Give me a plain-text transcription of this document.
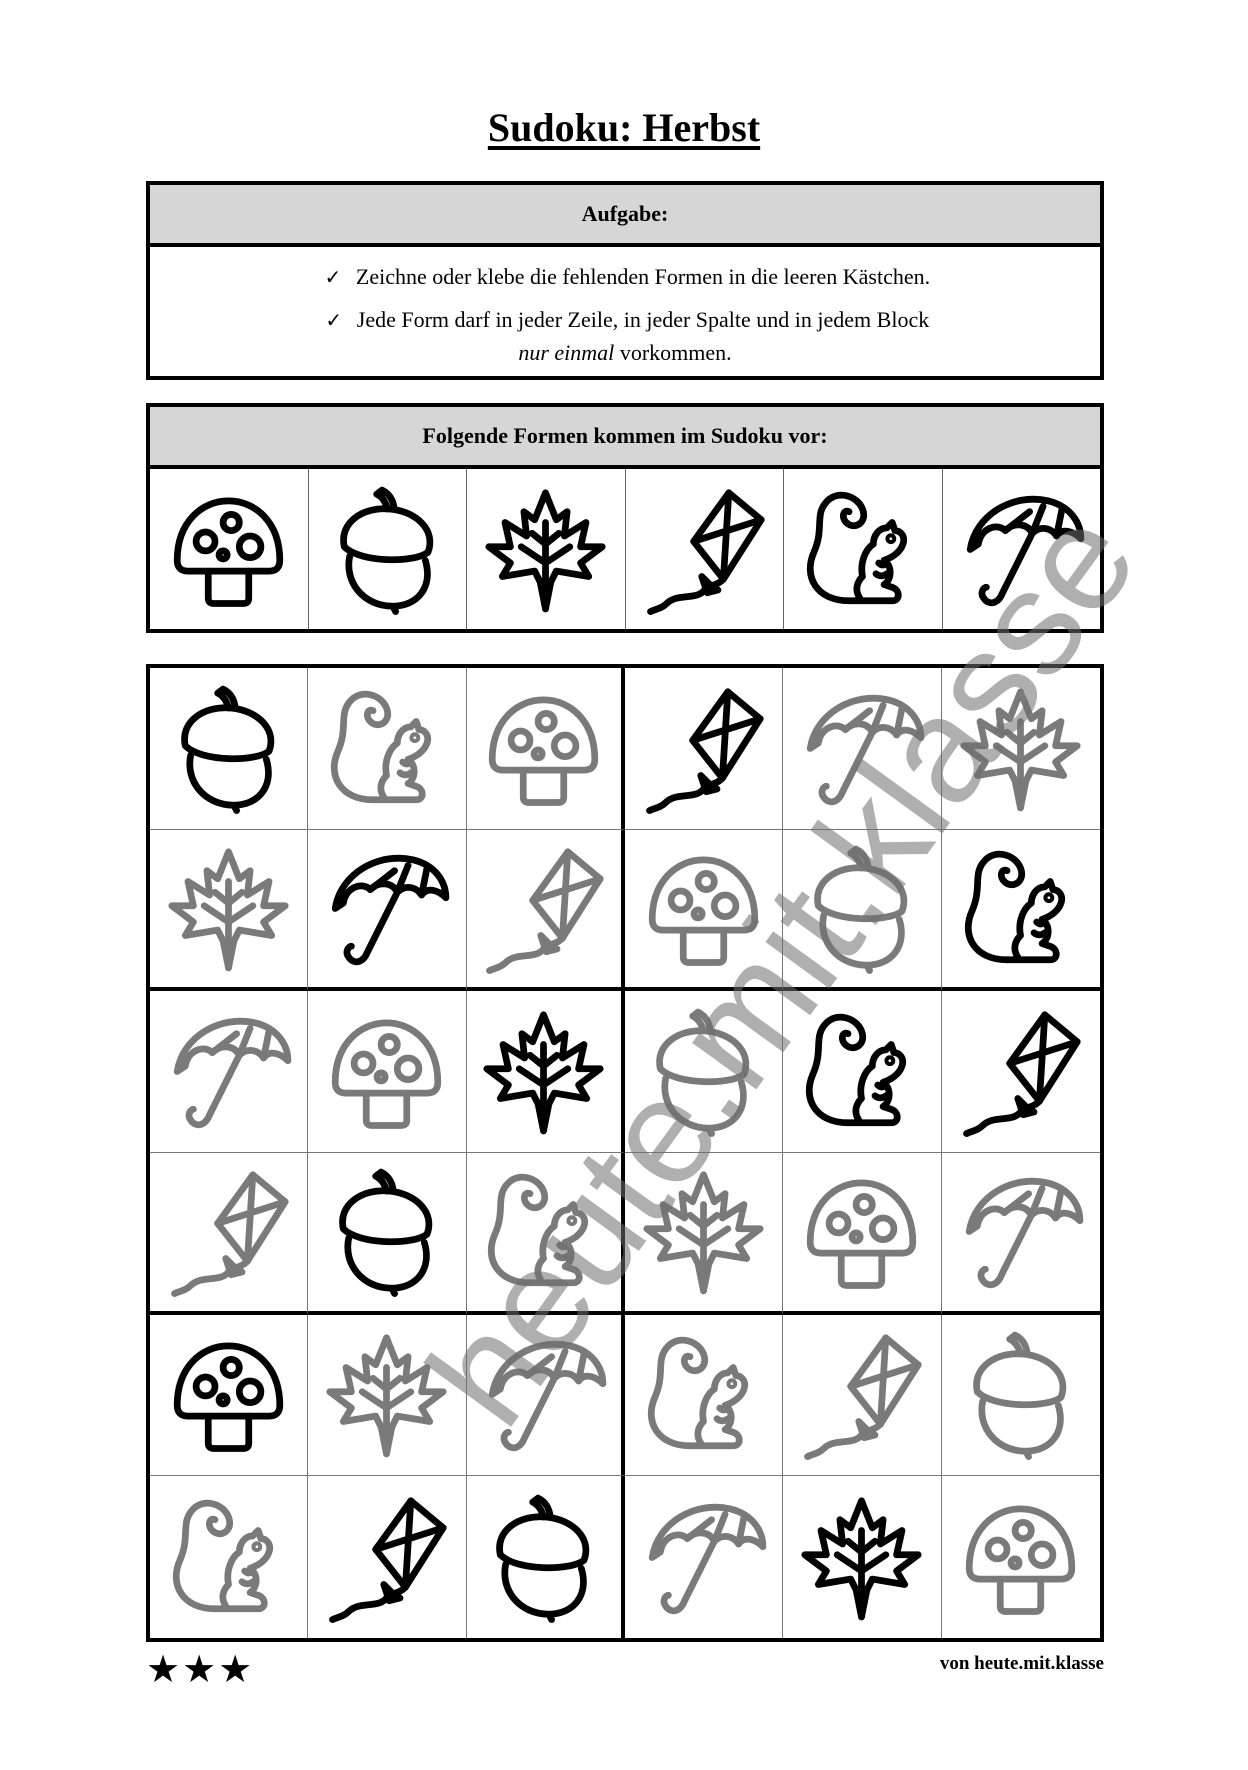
Sudoku: Herbst
Aufgabe:
✓ Zeichne oder klebe die fehlenden Formen in die leeren Kästchen.
✓ Jede Form darf in jeder Zeile, in jeder Spalte und in jedem Block
nur einmal vorkommen.
Folgende Formen kommen im Sudoku vor:
★★★	von heute.mit.klasse
heute.mit.klasse
